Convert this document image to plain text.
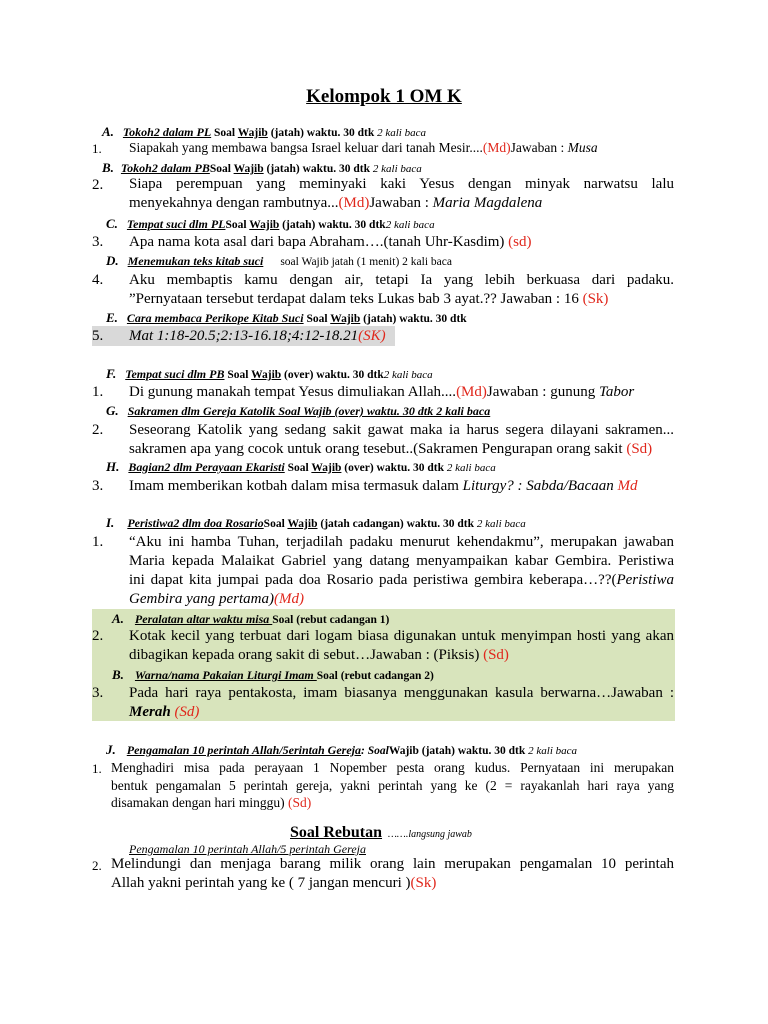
Kelompok 1 OM K
A. Tokoh2 dalam PL Soal Wajib (jatah) waktu. 30 dtk 2 kali baca
1. Siapakah yang membawa bangsa Israel keluar dari tanah Mesir....(Md)Jawaban : Musa
B. Tokoh2 dalam PBSoal Wajib (jatah) waktu. 30 dtk 2 kali baca
2. Siapa perempuan yang meminyaki kaki Yesus dengan minyak narwatsu lalu
menyekahnya dengan rambutnya...(Md)Jawaban : Maria Magdalena
C. Tempat suci dlm PLSoal Wajib (jatah) waktu. 30 dtk2 kali baca
3. Apa nama kota asal dari bapa Abraham….(tanah Uhr-Kasdim) (sd)
D. Menemukan teks kitab suci soal Wajib jatah (1 menit) 2 kali baca
4. Aku membaptis kamu dengan air, tetapi Ia yang lebih berkuasa dari padaku.
”Pernyataan tersebut terdapat dalam teks Lukas bab 3 ayat.?? Jawaban : 16 (Sk)
E. Cara membaca Perikope Kitab Suci Soal Wajib (jatah) waktu. 30 dtk
5. Mat 1:18-20.5;2:13-16.18;4:12-18.21(SK)
F. Tempat suci dlm PB Soal Wajib (over) waktu. 30 dtk2 kali baca
1. Di gunung manakah tempat Yesus dimuliakan Allah....(Md)Jawaban : gunung Tabor
G. Sakramen dlm Gereja Katolik Soal Wajib (over) waktu. 30 dtk 2 kali baca
2. Seseorang Katolik yang sedang sakit gawat maka ia harus segera dilayani sakramen...
sakramen apa yang cocok untuk orang tesebut..(Sakramen Pengurapan orang sakit (Sd)
H. Bagian2 dlm Perayaan Ekaristi Soal Wajib (over) waktu. 30 dtk 2 kali baca
3. Imam memberikan kotbah dalam misa termasuk dalam Liturgy? : Sabda/Bacaan Md
I. Peristiwa2 dlm doa RosarioSoal Wajib (jatah cadangan) waktu. 30 dtk 2 kali baca
1. “Aku ini hamba Tuhan, terjadilah padaku menurut kehendakmu”, merupakan jawaban
Maria kepada Malaikat Gabriel yang datang menyampaikan kabar Gembira. Peristiwa
ini dapat kita jumpai pada doa Rosario pada peristiwa gembira keberapa…??(Peristiwa
Gembira yang pertama)(Md)
A. Peralatan altar waktu misa Soal (rebut cadangan 1)
2. Kotak kecil yang terbuat dari logam biasa digunakan untuk menyimpan hosti yang akan
dibagikan kepada orang sakit di sebut…Jawaban : (Piksis) (Sd)
B. Warna/nama Pakaian Liturgi Imam Soal (rebut cadangan 2)
3. Pada hari raya pentakosta, imam biasanya menggunakan kasula berwarna…Jawaban :
Merah (Sd)
J. Pengamalan 10 perintah Allah/5erintah Gereja: SoalWajib (jatah) waktu. 30 dtk 2 kali baca
1. Menghadiri misa pada perayaan 1 Nopember pesta orang kudus. Pernyataan ini merupakan
bentuk pengamalan 5 perintah gereja, yakni perintah yang ke (2 = rayakanlah hari raya yang
disamakan dengan hari minggu) (Sd)
Soal Rebutan …….langsung jawab
Pengamalan 10 perintah Allah/5 perintah Gereja
2. Melindungi dan menjaga barang milik orang lain merupakan pengamalan 10 perintah
Allah yakni perintah yang ke ( 7 jangan mencuri )(Sk)
